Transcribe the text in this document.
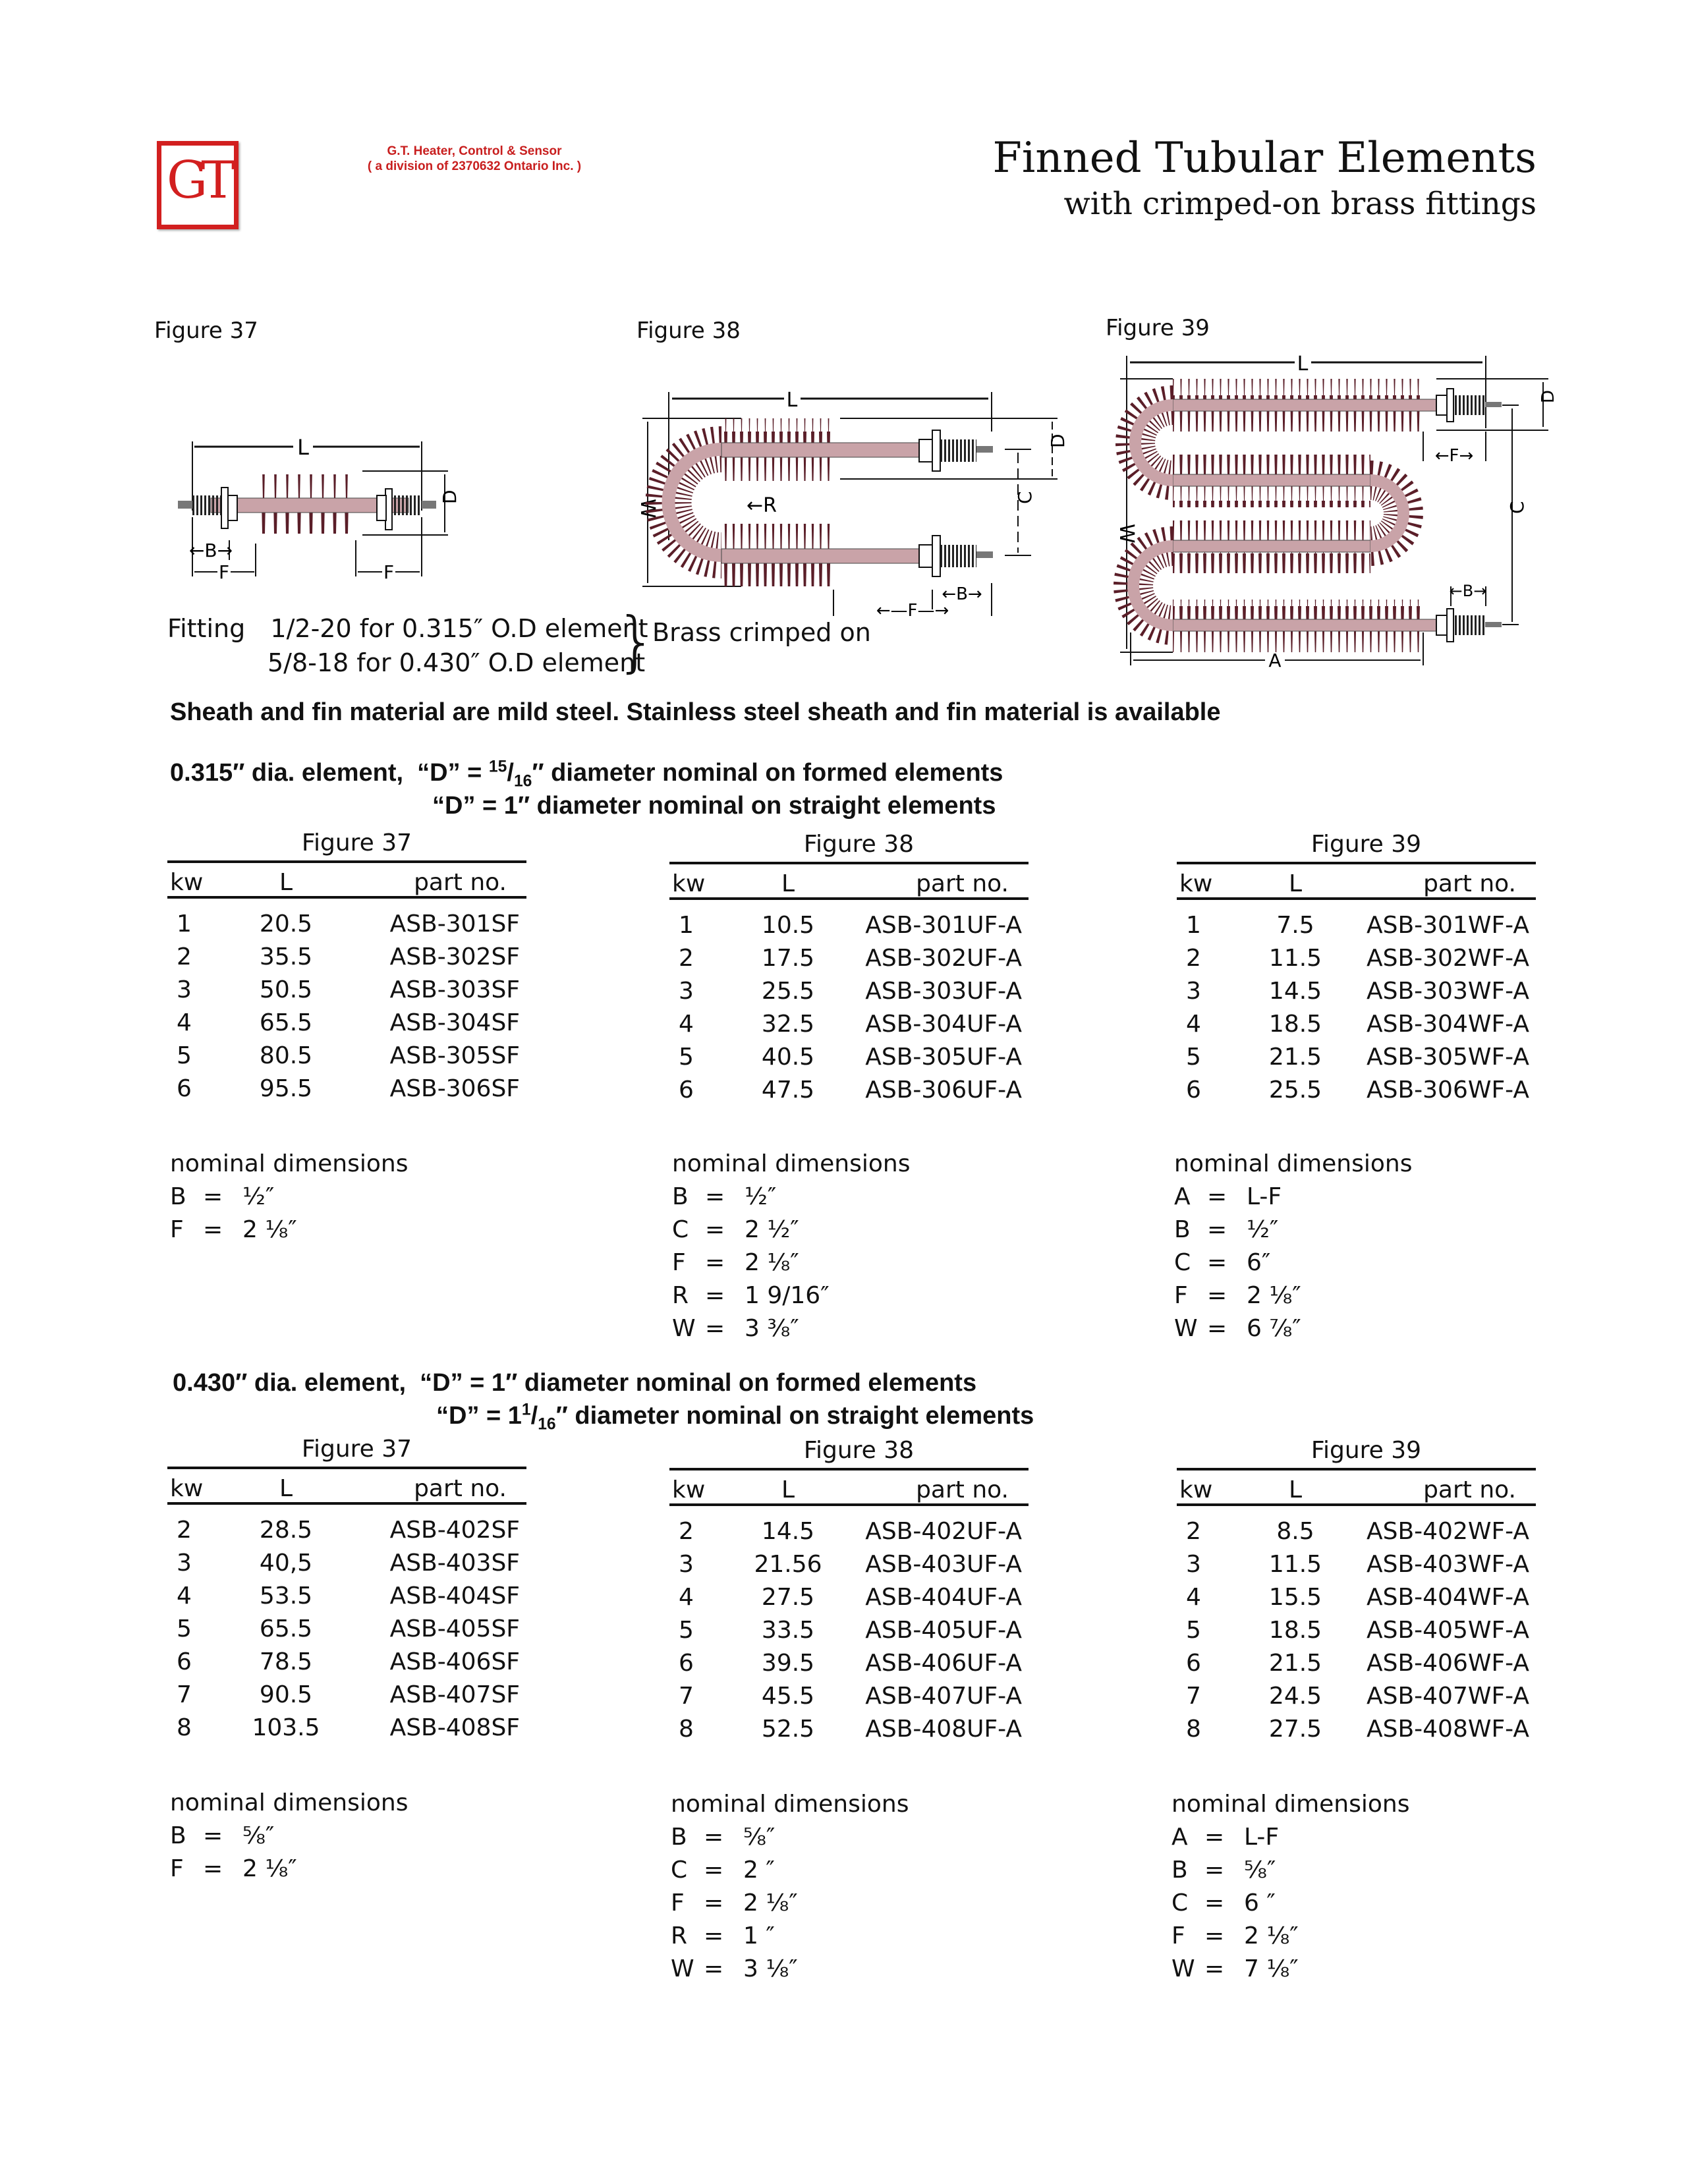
GT	G.T. Heater, Control & Sensor
( a division of 2370632 Ontario Inc. )	Finned Tubular Elements
with crimped-on brass fittings
Figure 37	Figure 38	Figure 39
L
D
←B→
F	F
L
W	←R
D
C
←B→
←—F—→
L
W
D
C
←F→
←B→
A
Fitting 1/2-20 for 0.315″ O.D element
5/8-18 for 0.430″ O.D element
}
Brass crimped on
Sheath and fin material are mild steel. Stainless steel sheath and fin material is available
0.315″ dia. element, “D” = $^{15}/_{16}''$ diameter nominal on formed elements
“D” = 1″ diameter nominal on straight elements
Figure 37
kw	L	part no.
1	20.5	ASB-301SF
2	35.5	ASB-302SF
3	50.5	ASB-303SF
4	65.5	ASB-304SF
5	80.5	ASB-305SF
6	95.5	ASB-306SF
Figure 38
kw	L	part no.
1	10.5	ASB-301UF-A
2	17.5	ASB-302UF-A
3	25.5	ASB-303UF-A
4	32.5	ASB-304UF-A
5	40.5	ASB-305UF-A
6	47.5	ASB-306UF-A
Figure 39
kw	L	part no.
1	7.5	ASB-301WF-A
2	11.5	ASB-302WF-A
3	14.5	ASB-303WF-A
4	18.5	ASB-304WF-A
5	21.5	ASB-305WF-A
6	25.5	ASB-306WF-A
nominal dimensions
B = ½″
F = 2 ⅛″
nominal dimensions
B = ½″
C = 2 ½″
F = 2 ⅛″
R = 1 9/16″
W = 3 ⅜″
nominal dimensions
A = L-F
B = ½″
C = 6″
F = 2 ⅛″
W = 6 ⅞″
0.430″ dia. element, “D” = 1″ diameter nominal on formed elements
“D” = $1^1/_{16}''$ diameter nominal on straight elements
Figure 37
kw	L	part no.
2	28.5	ASB-402SF
3	40,5	ASB-403SF
4	53.5	ASB-404SF
5	65.5	ASB-405SF
6	78.5	ASB-406SF
7	90.5	ASB-407SF
8	103.5	ASB-408SF
Figure 38
kw	L	part no.
2	14.5	ASB-402UF-A
3	21.56	ASB-403UF-A
4	27.5	ASB-404UF-A
5	33.5	ASB-405UF-A
6	39.5	ASB-406UF-A
7	45.5	ASB-407UF-A
8	52.5	ASB-408UF-A
Figure 39
kw	L	part no.
2	8.5	ASB-402WF-A
3	11.5	ASB-403WF-A
4	15.5	ASB-404WF-A
5	18.5	ASB-405WF-A
6	21.5	ASB-406WF-A
7	24.5	ASB-407WF-A
8	27.5	ASB-408WF-A
nominal dimensions
B = ⅝″
F = 2 ⅛″
nominal dimensions
B = ⅝″
C = 2 ″
F = 2 ⅛″
R = 1 ″
W = 3 ⅛″
nominal dimensions
A = L-F
B = ⅝″
C = 6 ″
F = 2 ⅛″
W = 7 ⅛″
